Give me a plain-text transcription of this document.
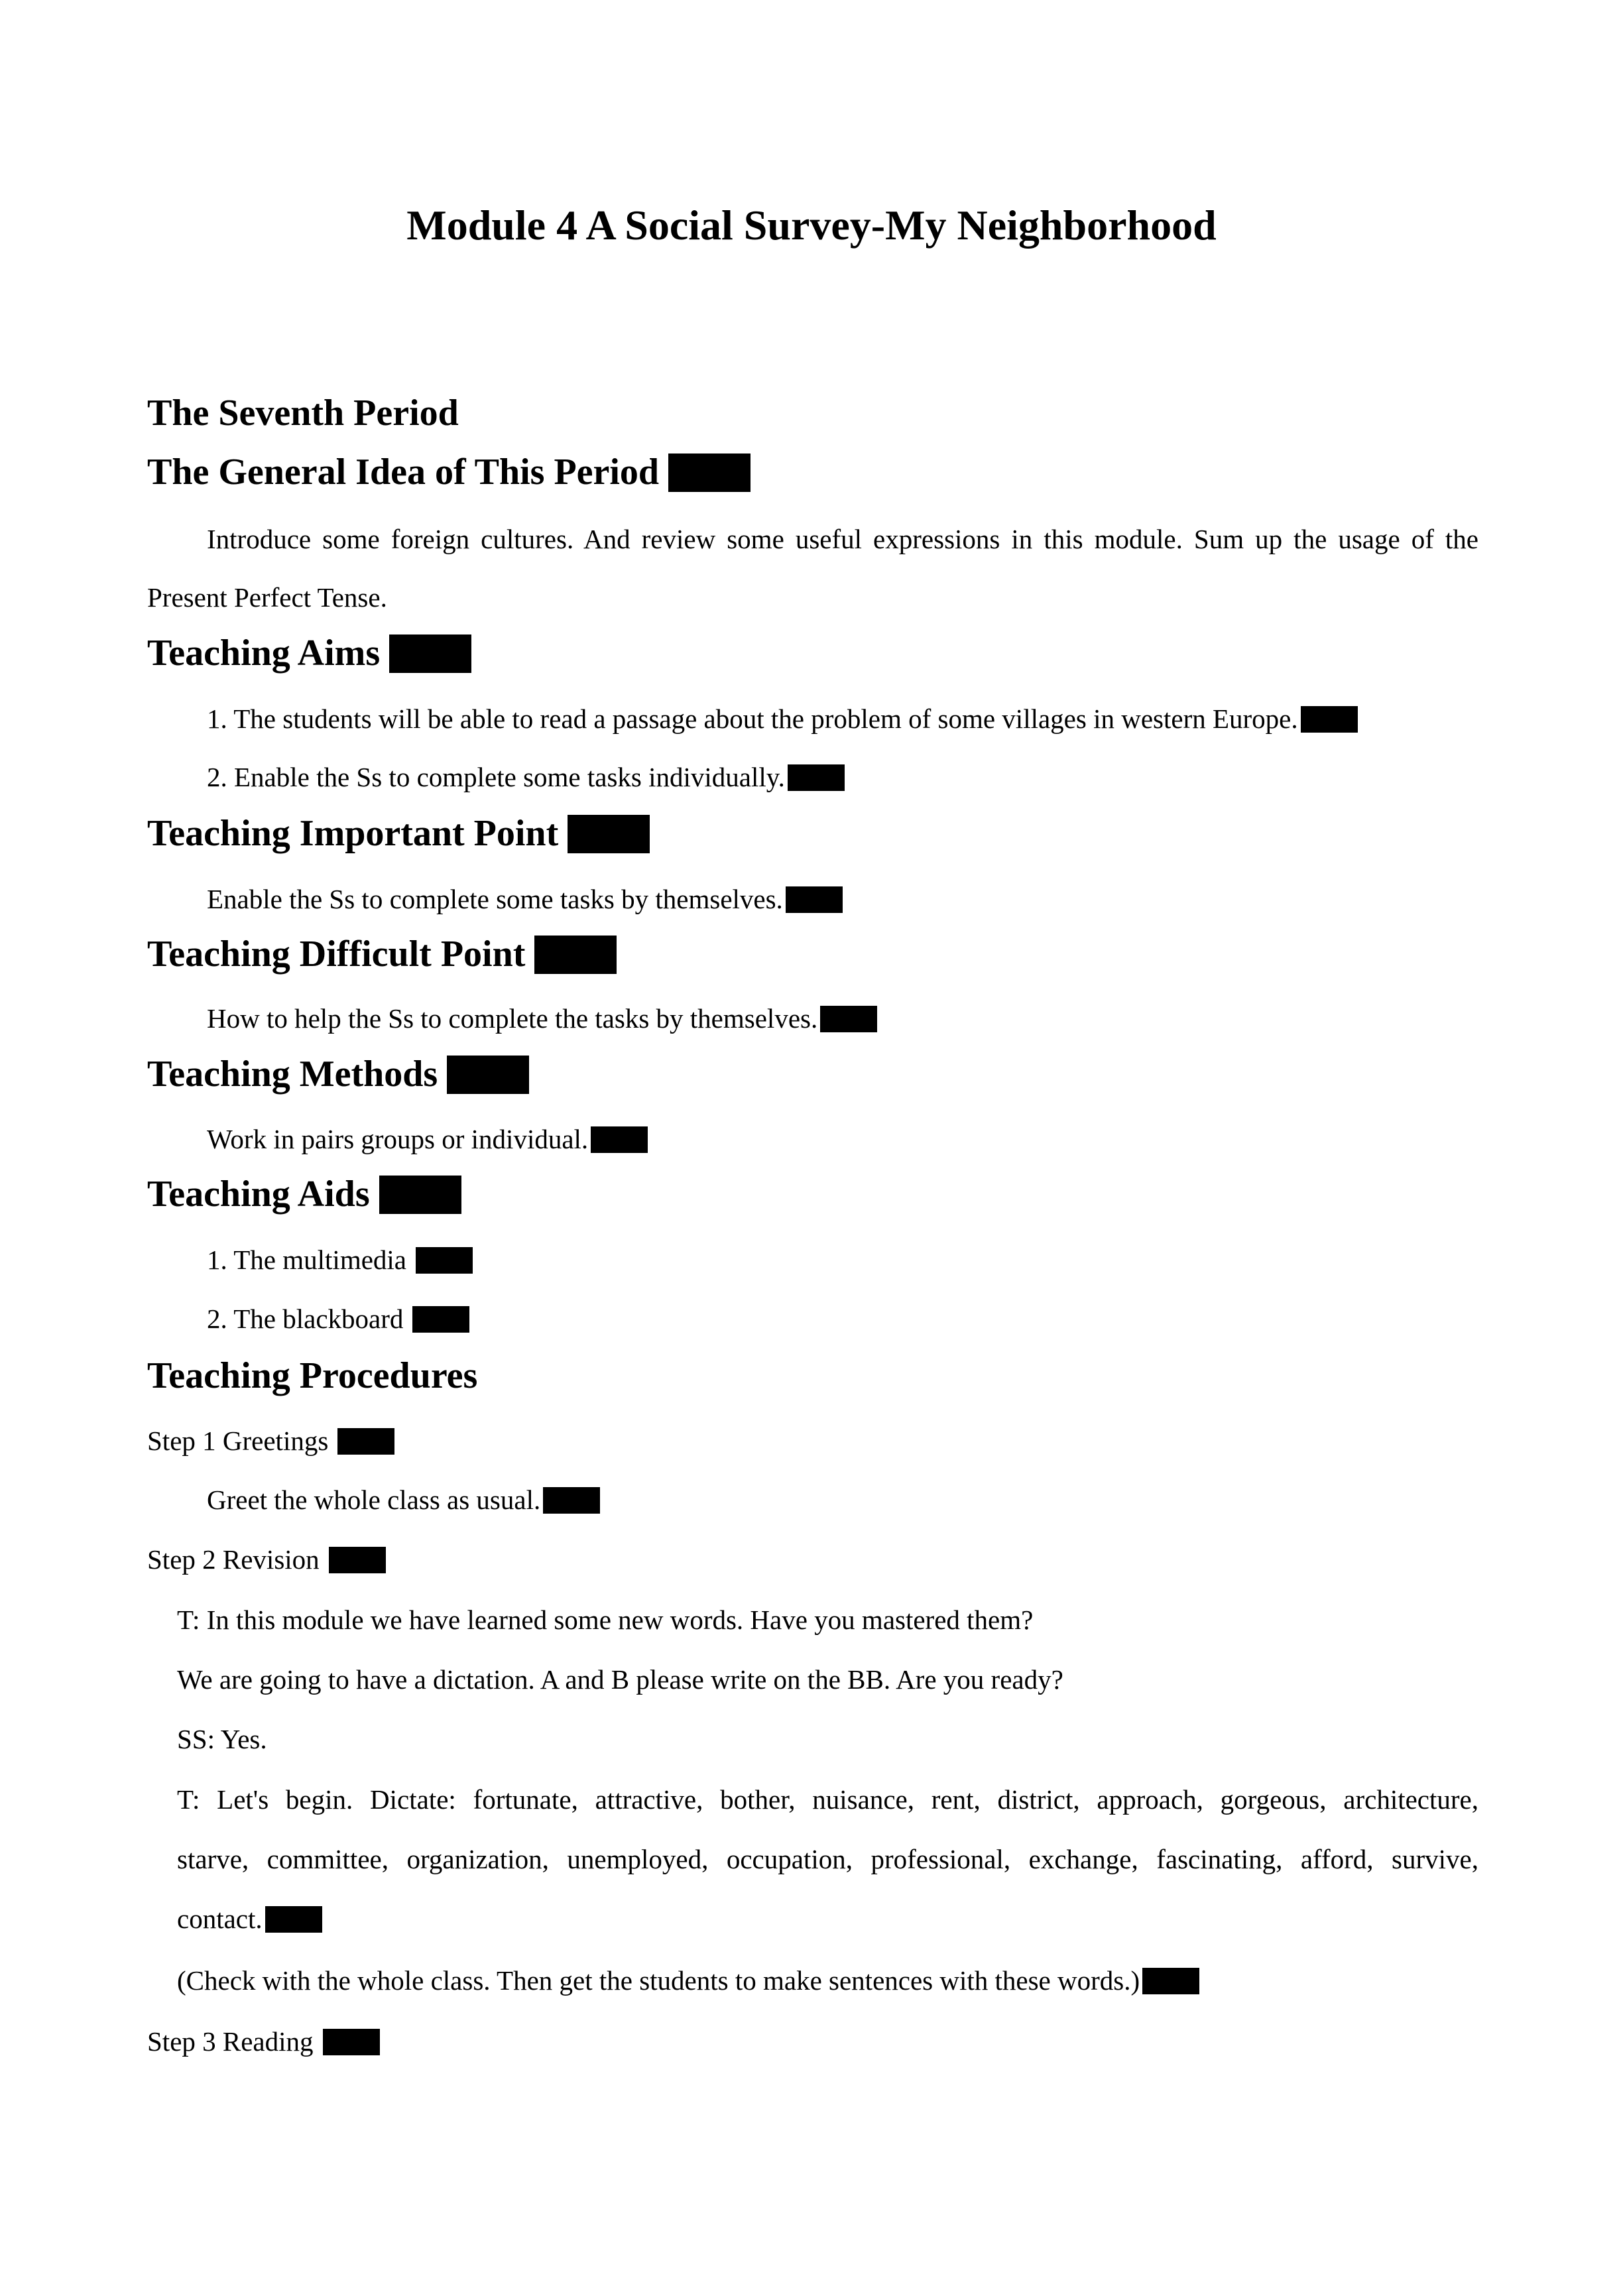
Module 4 A Social Survey-My Neighborhood
The Seventh Period
The General Idea of This Period
Introduce some foreign cultures. And review some useful expressions in this module. Sum up the usage of the
Present Perfect Tense.
Teaching Aims
1. The students will be able to read a passage about the problem of some villages in western Europe.
2. Enable the Ss to complete some tasks individually.
Teaching Important Point
Enable the Ss to complete some tasks by themselves.
Teaching Difficult Point
How to help the Ss to complete the tasks by themselves.
Teaching Methods
Work in pairs groups or individual.
Teaching Aids
1. The multimedia
2. The blackboard
Teaching Procedures
Step 1 Greetings
Greet the whole class as usual.
Step 2 Revision
T: In this module we have learned some new words. Have you mastered them?
We are going to have a dictation. A and B please write on the BB. Are you ready?
SS: Yes.
T: Let's begin. Dictate: fortunate, attractive, bother, nuisance, rent, district, approach, gorgeous, architecture,
starve, committee, organization, unemployed, occupation, professional, exchange, fascinating, afford, survive,
contact.
(Check with the whole class. Then get the students to make sentences with these words.)
Step 3 Reading
